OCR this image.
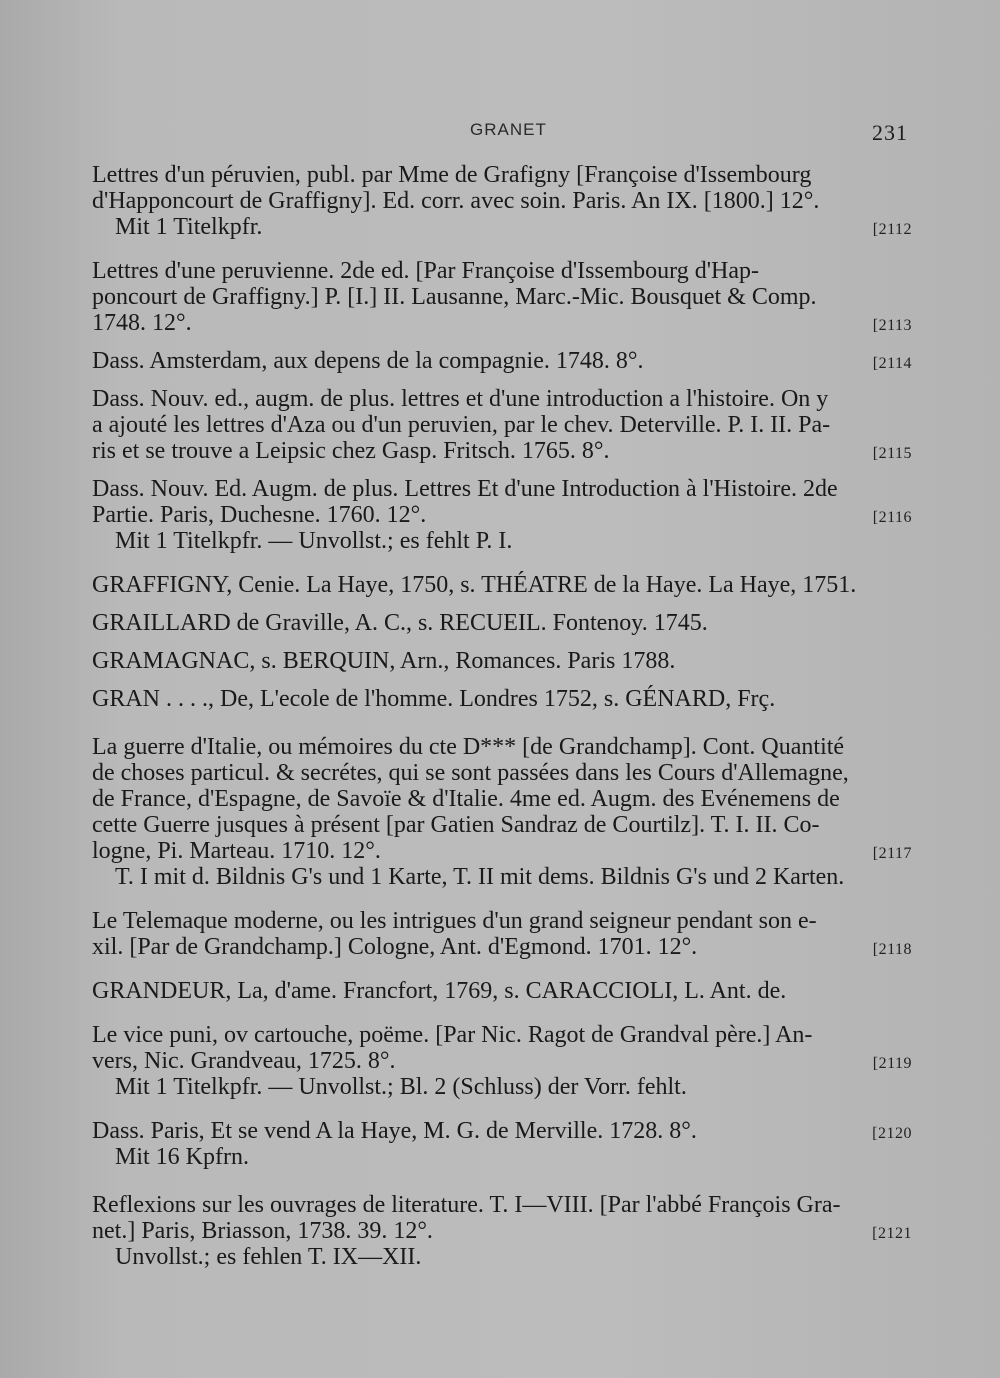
GRANET	231
Lettres d'un péruvien, publ. par Mme de Grafigny [Françoise d'Issembourg
d'Happoncourt de Graffigny]. Ed. corr. avec soin. Paris. An IX. [1800.] 12°.
Mit 1 Titelkpfr.	[2112
Lettres d'une peruvienne. 2de ed. [Par Françoise d'Issembourg d'Hap-
poncourt de Graffigny.] P. [I.] II. Lausanne, Marc.-Mic. Bousquet & Comp.
1748. 12°.	[2113
Dass. Amsterdam, aux depens de la compagnie. 1748. 8°.	[2114
Dass. Nouv. ed., augm. de plus. lettres et d'une introduction a l'histoire. On y
a ajouté les lettres d'Aza ou d'un peruvien, par le chev. Deterville. P. I. II. Pa-
ris et se trouve a Leipsic chez Gasp. Fritsch. 1765. 8°.	[2115
Dass. Nouv. Ed. Augm. de plus. Lettres Et d'une Introduction à l'Histoire. 2de
Partie. Paris, Duchesne. 1760. 12°.	[2116
Mit 1 Titelkpfr. — Unvollst.; es fehlt P. I.
GRAFFIGNY, Cenie. La Haye, 1750, s. THÉATRE de la Haye. La Haye, 1751.
GRAILLARD de Graville, A. C., s. RECUEIL. Fontenoy. 1745.
GRAMAGNAC, s. BERQUIN, Arn., Romances. Paris 1788.
GRAN . . . ., De, L'ecole de l'homme. Londres 1752, s. GÉNARD, Frç.
La guerre d'Italie, ou mémoires du cte D*** [de Grandchamp]. Cont. Quantité
de choses particul. & secrétes, qui se sont passées dans les Cours d'Allemagne,
de France, d'Espagne, de Savoïe & d'Italie. 4me ed. Augm. des Evénemens de
cette Guerre jusques à présent [par Gatien Sandraz de Courtilz]. T. I. II. Co-
logne, Pi. Marteau. 1710. 12°.	[2117
T. I mit d. Bildnis G's und 1 Karte, T. II mit dems. Bildnis G's und 2 Karten.
Le Telemaque moderne, ou les intrigues d'un grand seigneur pendant son e-
xil. [Par de Grandchamp.] Cologne, Ant. d'Egmond. 1701. 12°.	[2118
GRANDEUR, La, d'ame. Francfort, 1769, s. CARACCIOLI, L. Ant. de.
Le vice puni, ov cartouche, poëme. [Par Nic. Ragot de Grandval père.] An-
vers, Nic. Grandveau, 1725. 8°.	[2119
Mit 1 Titelkpfr. — Unvollst.; Bl. 2 (Schluss) der Vorr. fehlt.
Dass. Paris, Et se vend A la Haye, M. G. de Merville. 1728. 8°.	[2120
Mit 16 Kpfrn.
Reflexions sur les ouvrages de literature. T. I—VIII. [Par l'abbé François Gra-
net.] Paris, Briasson, 1738. 39. 12°.	[2121
Unvollst.; es fehlen T. IX—XII.
